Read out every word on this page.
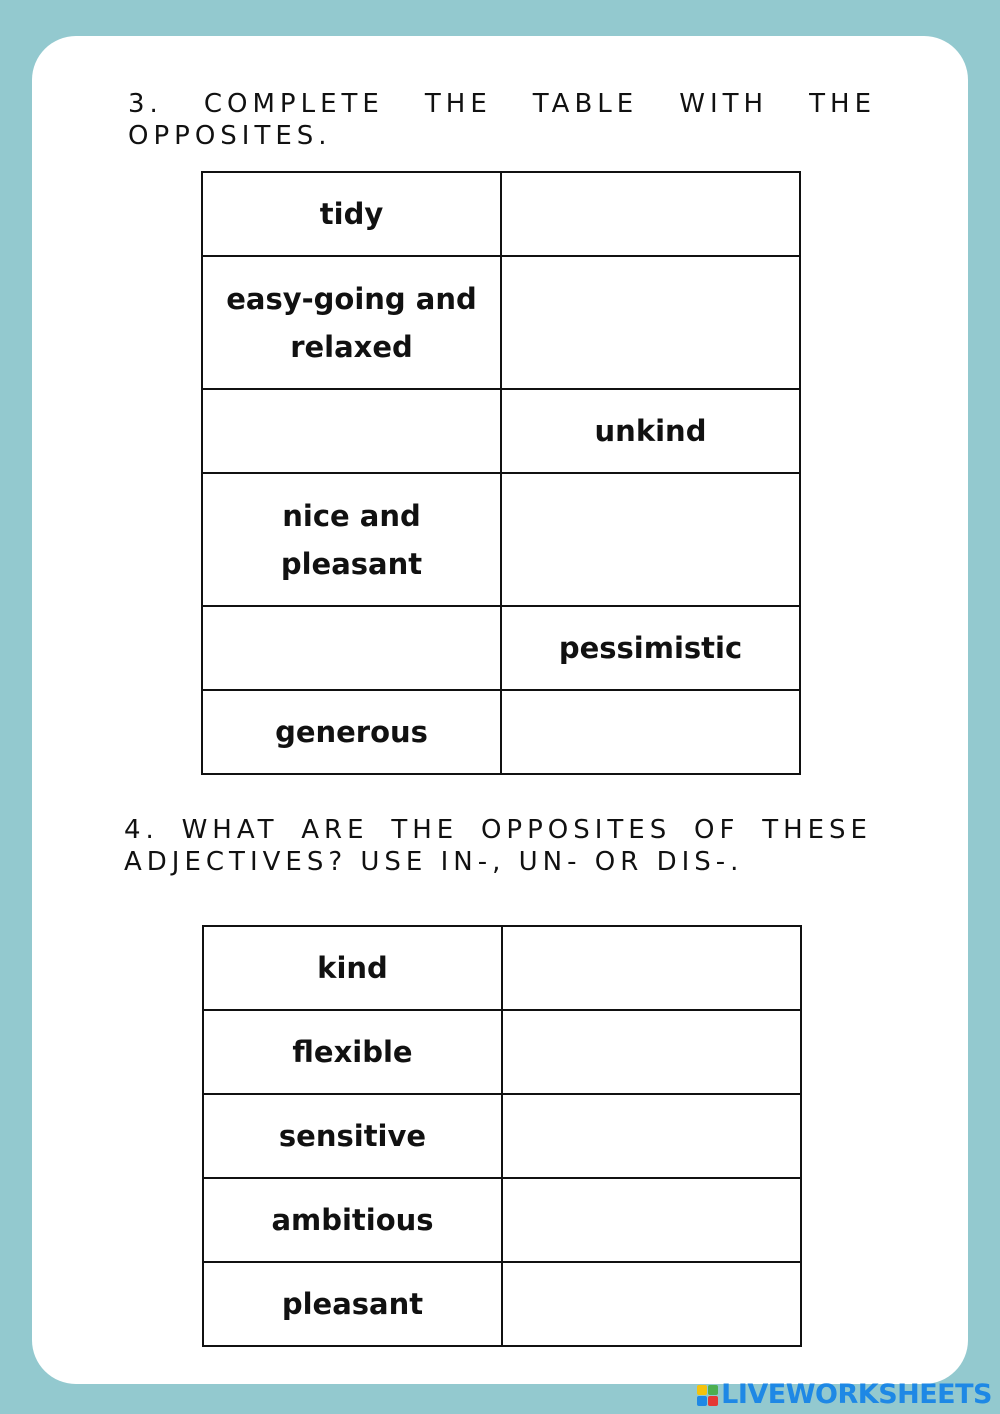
3. COMPLETE THE TABLE WITH THE OPPOSITES.

tidy	
easy-going and relaxed	
	unkind
nice and pleasant	
	pessimistic
generous	

4. WHAT ARE THE OPPOSITES OF THESE ADJECTIVES? USE IN-, UN- OR DIS-.

kind	
flexible	
sensitive	
ambitious	
pleasant	
LIVEWORKSHEETS
